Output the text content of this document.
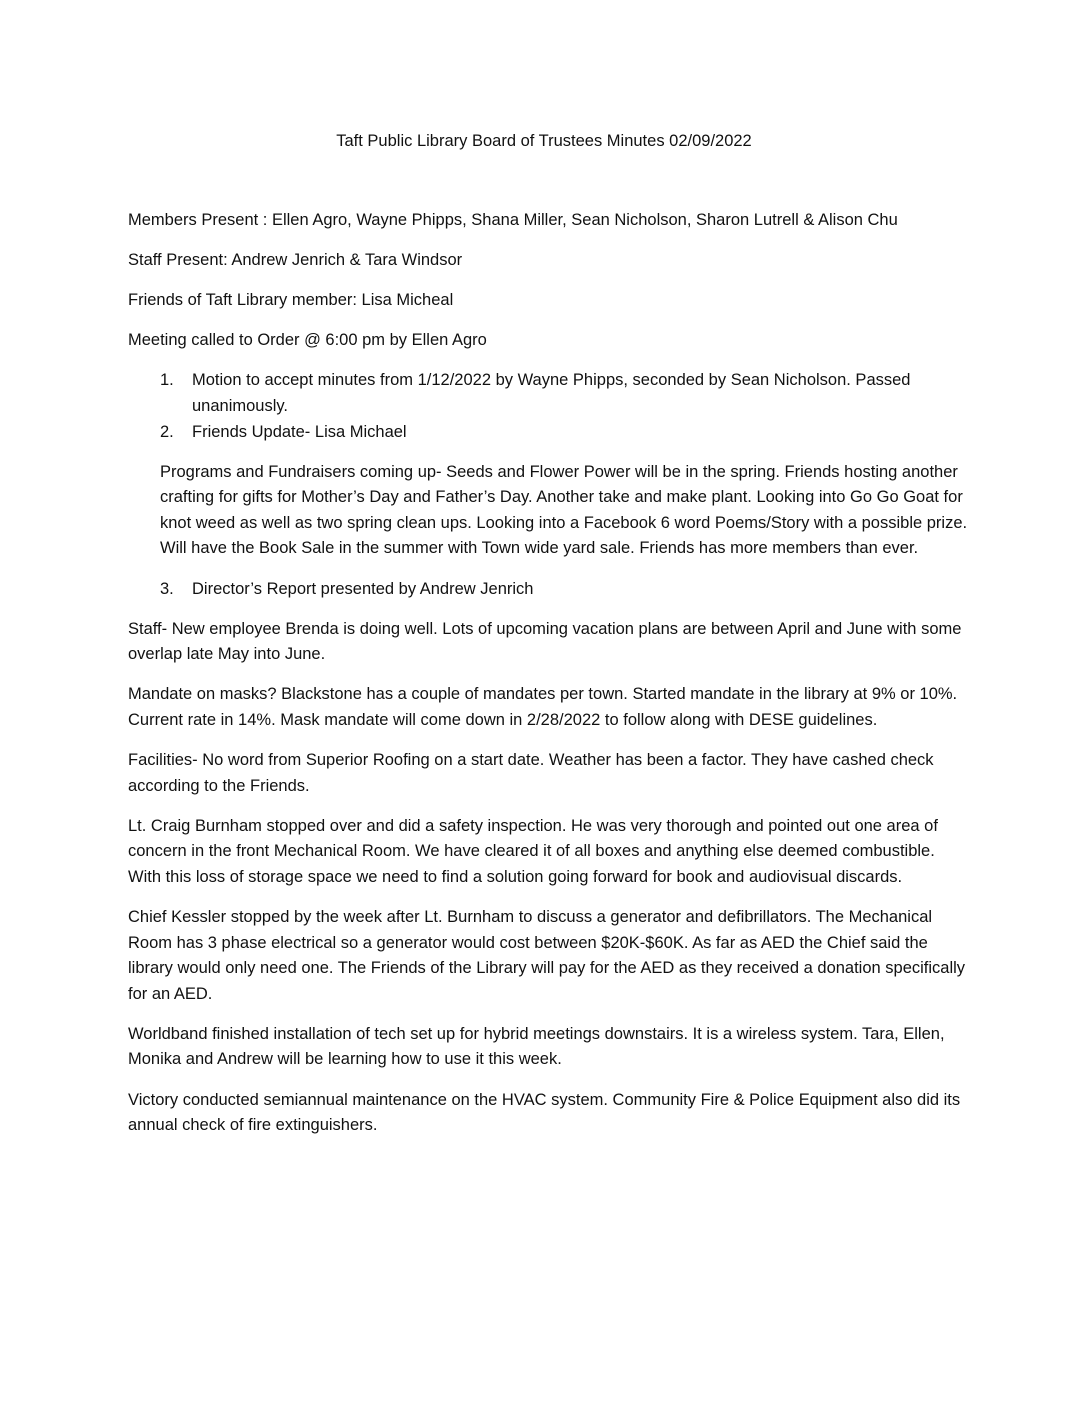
Taft Public Library Board of Trustees Minutes 02/09/2022

Members Present : Ellen Agro, Wayne Phipps, Shana Miller, Sean Nicholson, Sharon Lutrell & Alison Chu

Staff Present: Andrew Jenrich & Tara Windsor

Friends of Taft Library member: Lisa Micheal

Meeting called to Order @ 6:00 pm by Ellen Agro

1. Motion to accept minutes from 1/12/2022 by Wayne Phipps, seconded by Sean Nicholson. Passed unanimously.
2. Friends Update- Lisa Michael

Programs and Fundraisers coming up- Seeds and Flower Power will be in the spring. Friends hosting another crafting for gifts for Mother’s Day and Father’s Day. Another take and make plant. Looking into Go Go Goat for knot weed as well as two spring clean ups. Looking into a Facebook 6 word Poems/Story with a possible prize. Will have the Book Sale in the summer with Town wide yard sale. Friends has more members than ever.

3. Director’s Report presented by Andrew Jenrich

Staff- New employee Brenda is doing well. Lots of upcoming vacation plans are between April and June with some overlap late May into June.

Mandate on masks? Blackstone has a couple of mandates per town. Started mandate in the library at 9% or 10%. Current rate in 14%. Mask mandate will come down in 2/28/2022 to follow along with DESE guidelines.

Facilities- No word from Superior Roofing on a start date. Weather has been a factor. They have cashed check according to the Friends.

Lt. Craig Burnham stopped over and did a safety inspection. He was very thorough and pointed out one area of concern in the front Mechanical Room. We have cleared it of all boxes and anything else deemed combustible. With this loss of storage space we need to find a solution going forward for book and audiovisual discards.

Chief Kessler stopped by the week after Lt. Burnham to discuss a generator and defibrillators. The Mechanical Room has 3 phase electrical so a generator would cost between $20K-$60K. As far as AED the Chief said the library would only need one. The Friends of the Library will pay for the AED as they received a donation specifically for an AED.

Worldband finished installation of tech set up for hybrid meetings downstairs. It is a wireless system. Tara, Ellen, Monika and Andrew will be learning how to use it this week.

Victory conducted semiannual maintenance on the HVAC system. Community Fire & Police Equipment also did its annual check of fire extinguishers.
